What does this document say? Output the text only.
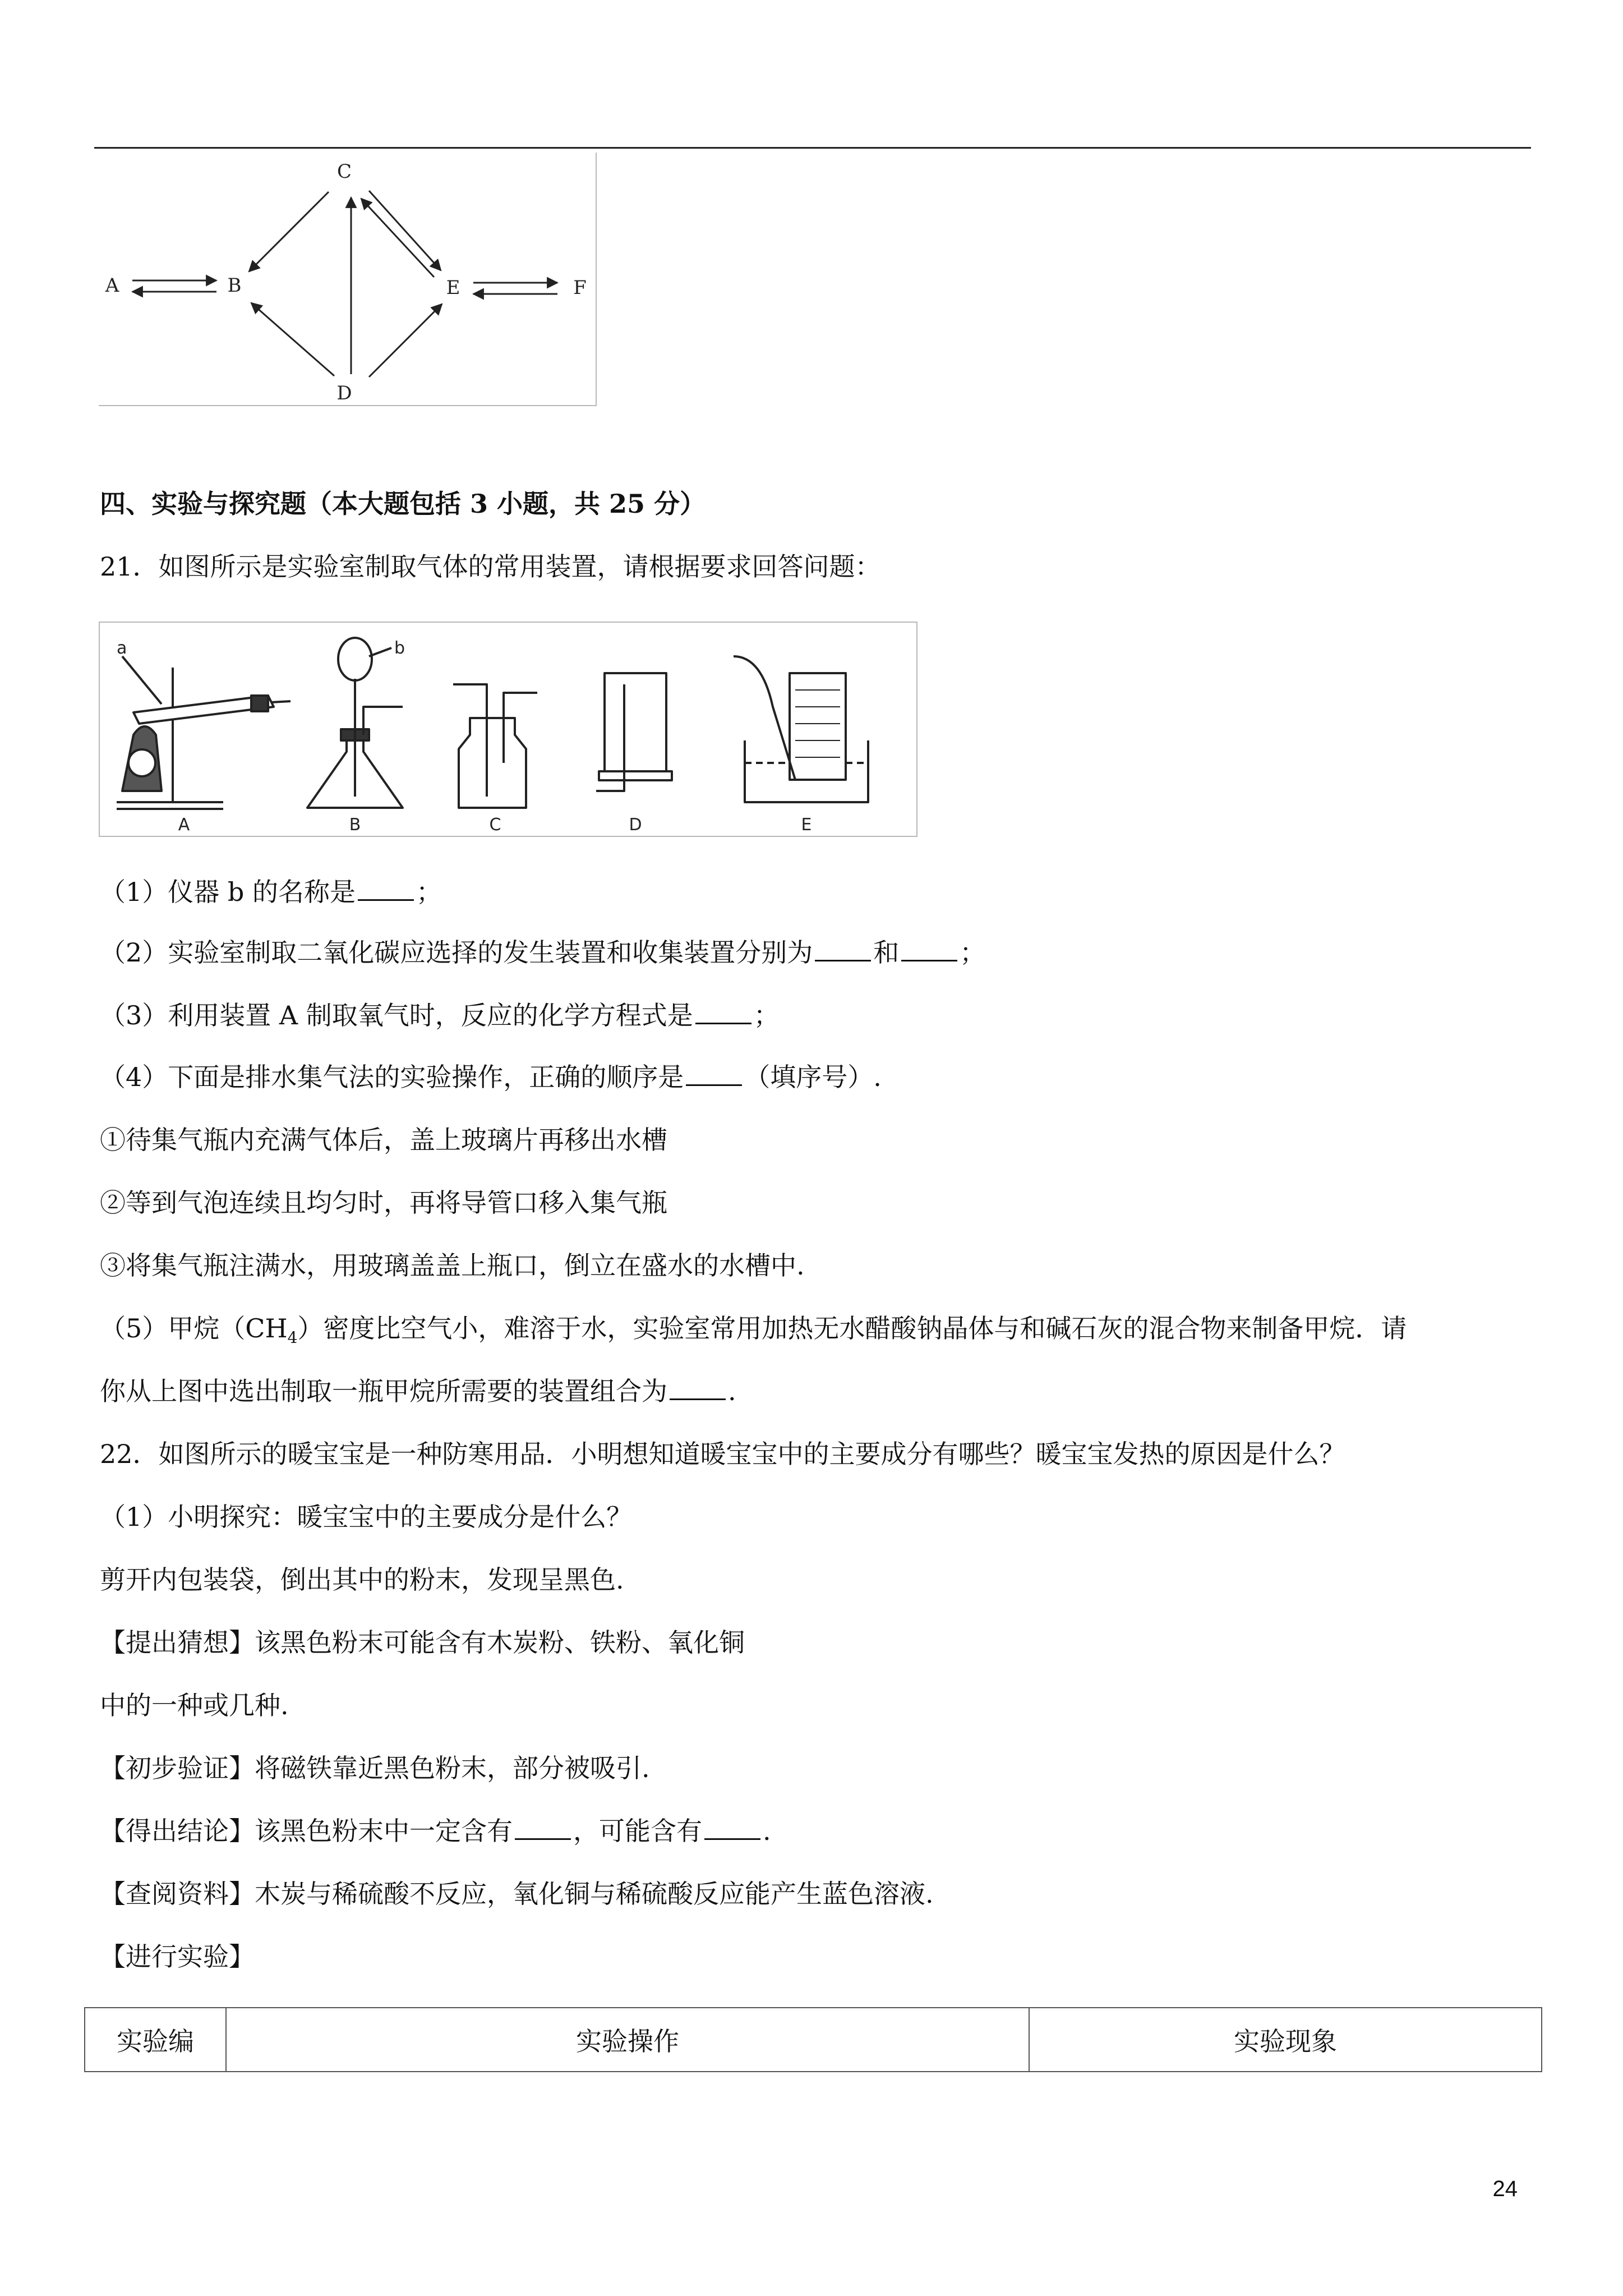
C
A	B	E	F
D
四、实验与探究题（本大题包括 3 小题，共 25 分）
21．如图所示是实验室制取气体的常用装置，请根据要求回答问题：
a	b
A	B	C	D	E
（1）仪器 b 的名称是 ；
（2）实验室制取二氧化碳应选择的发生装置和收集装置分别为 和 ；
（3）利用装置 A 制取氧气时，反应的化学方程式是 ；
（4）下面是排水集气法的实验操作，正确的顺序是 （填序号）.
①待集气瓶内充满气体后，盖上玻璃片再移出水槽
②等到气泡连续且均匀时，再将导管口移入集气瓶
③将集气瓶注满水，用玻璃盖盖上瓶口，倒立在盛水的水槽中.
（5）甲烷$(CH_4)$密度比空气小，难溶于水，实验室常用加热无水醋酸钠晶体与和碱石灰的混合物来制备甲烷．请
你从上图中选出制取一瓶甲烷所需要的装置组合为 .
22．如图所示的暖宝宝是一种防寒用品．小明想知道暖宝宝中的主要成分有哪些？暖宝宝发热的原因是什么？
（1）小明探究：暖宝宝中的主要成分是什么？
剪开内包装袋，倒出其中的粉末，发现呈黑色.
【提出猜想】该黑色粉末可能含有木炭粉、铁粉、氧化铜
中的一种或几种.
【初步验证】将磁铁靠近黑色粉末，部分被吸引.
【得出结论】该黑色粉末中一定含有 ，可能含有 .
【查阅资料】木炭与稀硫酸不反应，氧化铜与稀硫酸反应能产生蓝色溶液.
【进行实验】
实验编	实验操作	实验现象
24
